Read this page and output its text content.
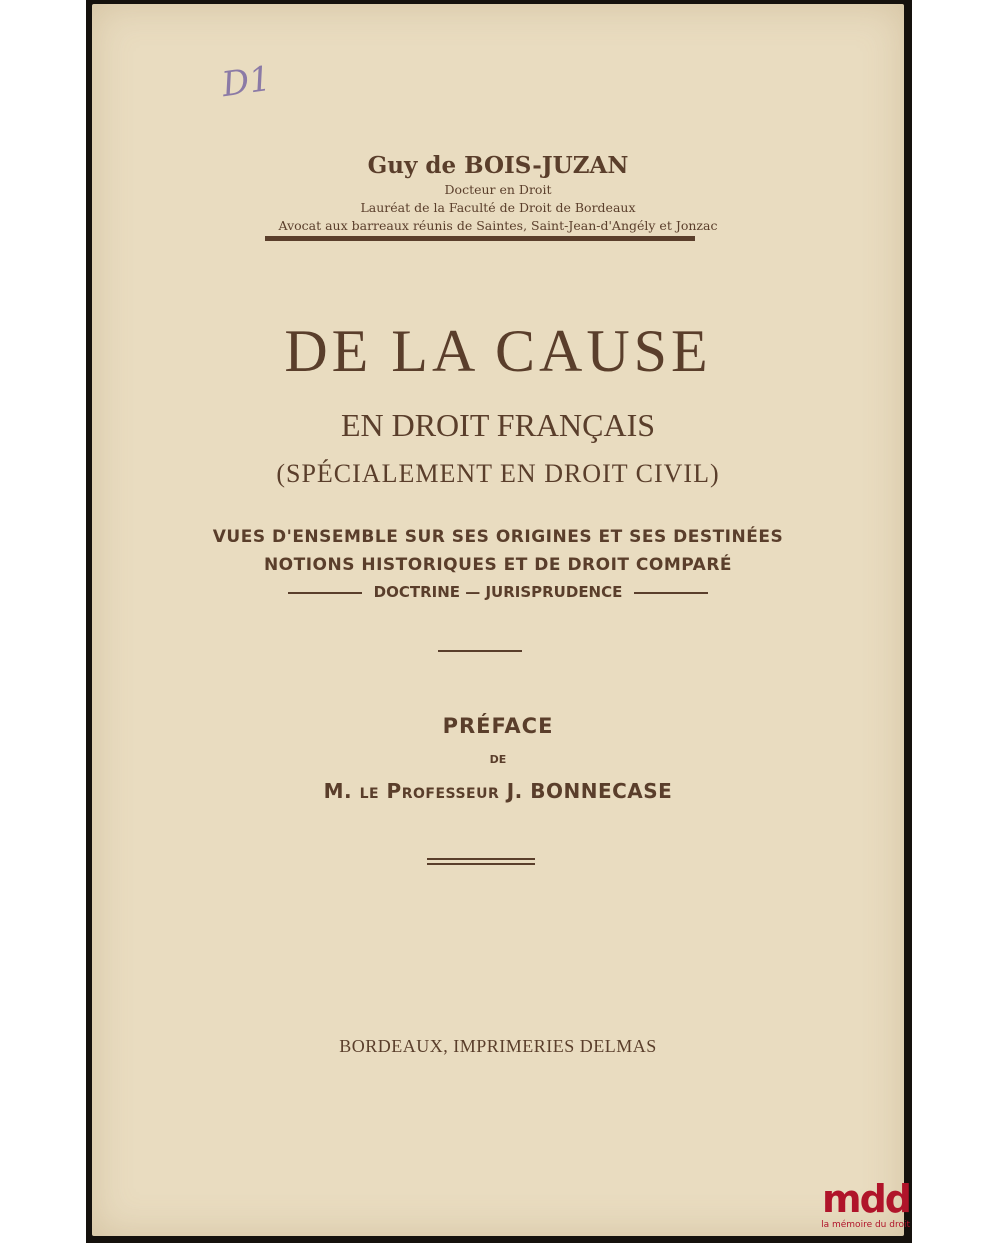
D1
Guy de BOIS-JUZAN
Docteur en Droit
Lauréat de la Faculté de Droit de Bordeaux
Avocat aux barreaux réunis de Saintes, Saint-Jean-d'Angély et Jonzac
DE LA CAUSE
EN DROIT FRANÇAIS
(SPÉCIALEMENT EN DROIT CIVIL)
VUES D'ENSEMBLE SUR SES ORIGINES ET SES DESTINÉES
NOTIONS HISTORIQUES ET DE DROIT COMPARÉ
DOCTRINE — JURISPRUDENCE
PRÉFACE
DE
M. le Professeur J. BONNECASE
BORDEAUX, IMPRIMERIES DELMAS
mdd
la mémoire du droit
